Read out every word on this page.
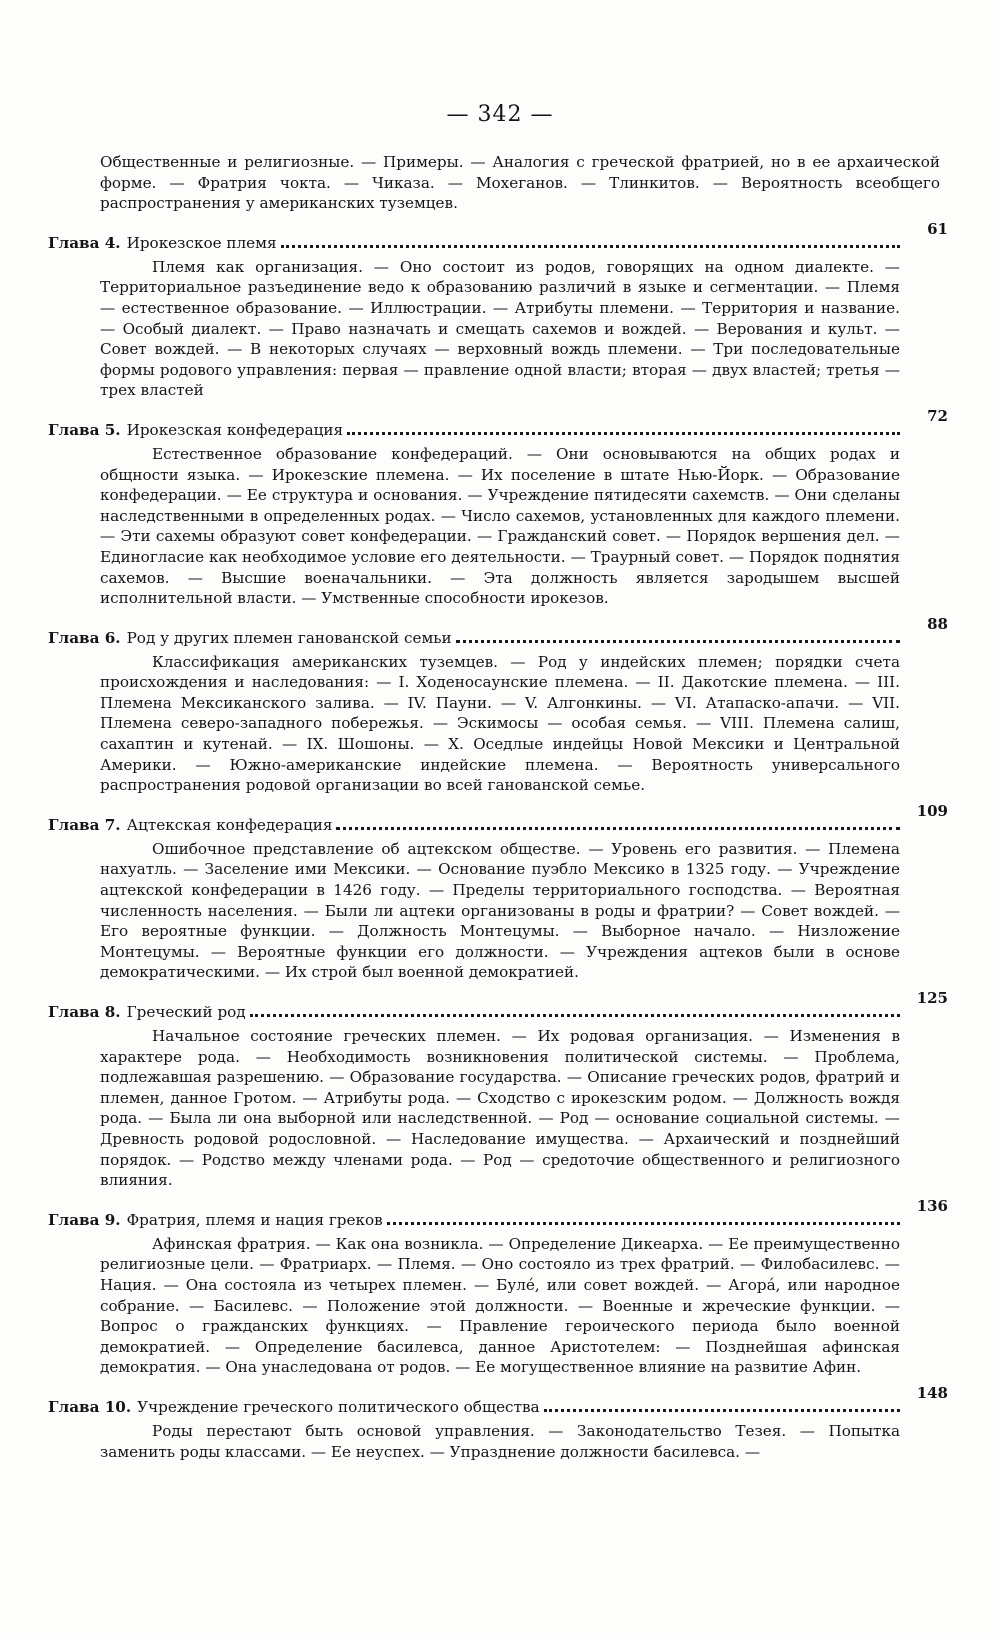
— 342 —

Общественные и религиозные. — Примеры. — Аналогия с греческой фратрией, но в ее архаической форме. — Фратрия чокта. — Чиказа. — Мохеганов. — Тлинкитов. — Вероятность всеобщего распространения у американских туземцев.

Глава 4. Ирокезское племя
61

Племя как организация. — Оно состоит из родов, говорящих на одном диалекте. — Территориальное разъединение ведо к образованию различий в языке и сегментации. — Племя — естественное образование. — Иллюстрации. — Атрибуты племени. — Территория и название. — Особый диалект. — Право назначать и смещать сахемов и вождей. — Верования и культ. — Совет вождей. — В некоторых случаях — верховный вождь племени. — Три последовательные формы родового управления: первая — правление одной власти; вторая — двух властей; третья — трех властей

Глава 5. Ирокезская конфедерация
72

Естественное образование конфедераций. — Они основываются на общих родах и общности языка. — Ирокезские племена. — Их поселение в штате Нью-Йорк. — Образование конфедерации. — Ее структура и основания. — Учреждение пятидесяти сахемств. — Они сделаны наследственными в определенных родах. — Число сахемов, установленных для каждого племени. — Эти сахемы образуют совет конфедерации. — Гражданский совет. — Порядок вершения дел. — Единогласие как необходимое условие его деятельности. — Траурный совет. — Порядок поднятия сахемов. — Высшие военачальники. — Эта должность является зародышем высшей исполнительной власти. — Умственные способности ирокезов.

Глава 6. Род у других племен ганованской семьи
88

Классификация американских туземцев. — Род у индейских племен; порядки счета происхождения и наследования: — I. Ходеносаунские племена. — II. Дакотские племена. — III. Племена Мексиканского залива. — IV. Пауни. — V. Алгонкины. — VI. Атапаско-апачи. — VII. Племена северо-западного побережья. — Эскимосы — особая семья. — VIII. Племена салиш, сахаптин и кутенай. — IX. Шошоны. — X. Оседлые индейцы Новой Мексики и Центральной Америки. — Южно-американские индейские племена. — Вероятность универсального распространения родовой организации во всей ганованской семье.

Глава 7. Ацтекская конфедерация
109

Ошибочное представление об ацтекском обществе. — Уровень его развития. — Племена нахуатль. — Заселение ими Мексики. — Основание пуэбло Мексико в 1325 году. — Учреждение ацтекской конфедерации в 1426 году. — Пределы территориального господства. — Вероятная численность населения. — Были ли ацтеки организованы в роды и фратрии? — Совет вождей. — Его вероятные функции. — Должность Монтецумы. — Выборное начало. — Низложение Монтецумы. — Вероятные функции его должности. — Учреждения ацтеков были в основе демократическими. — Их строй был военной демократией.

Глава 8. Греческий род
125

Начальное состояние греческих племен. — Их родовая организация. — Изменения в характере рода. — Необходимость возникновения политической системы. — Проблема, подлежавшая разрешению. — Образование государства. — Описание греческих родов, фратрий и племен, данное Гротом. — Атрибуты рода. — Сходство с ирокезским родом. — Должность вождя рода. — Была ли она выборной или наследственной. — Род — основание социальной системы. — Древность родовой родословной. — Наследование имущества. — Архаический и позднейший порядок. — Родство между членами рода. — Род — средоточие общественного и религиозного влияния.

Глава 9. Фратрия, племя и нация греков
136

Афинская фратрия. — Как она возникла. — Определение Дикеарха. — Ее преимущественно религиозные цели. — Фратриарх. — Племя. — Оно состояло из трех фратрий. — Филобасилевс. — Нация. — Она состояла из четырех племен. — Булé, или совет вождей. — Агорá, или народное собрание. — Басилевс. — Положение этой должности. — Военные и жреческие функции. — Вопрос о гражданских функциях. — Правление героического периода было военной демократией. — Определение басилевса, данное Аристотелем: — Позднейшая афинская демократия. — Она унаследована от родов. — Ее могущественное влияние на развитие Афин.

Глава 10. Учреждение греческого политического общества
148

Роды перестают быть основой управления. — Законодательство Тезея. — Попытка заменить роды классами. — Ее неуспех. — Упразднение должности басилевса. —
